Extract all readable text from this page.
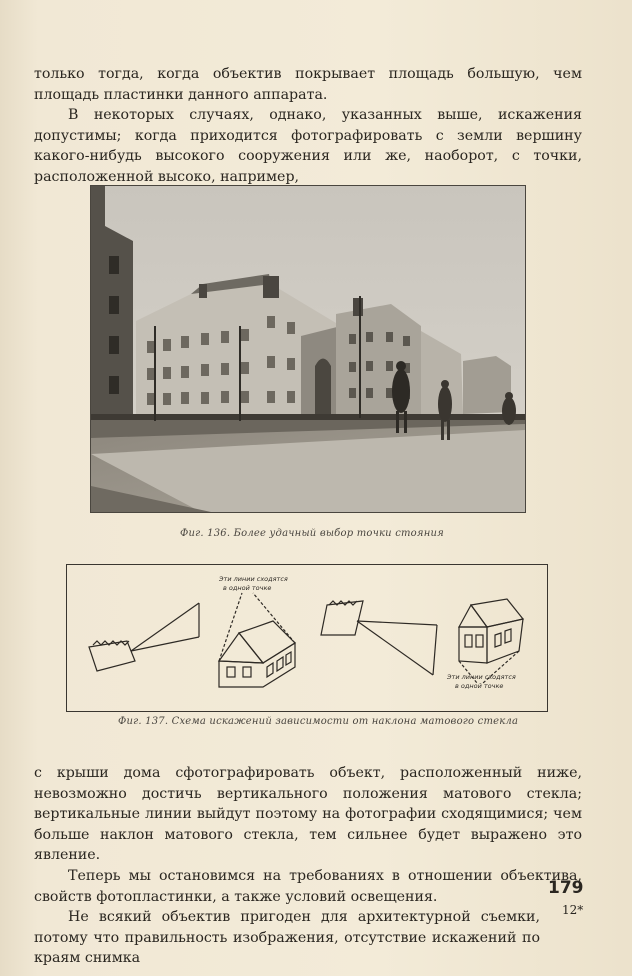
только тогда, когда объектив покрывает площадь большую, чем площадь пластинки данного аппарата.

В некоторых случаях, однако, указанных выше, искажения допустимы; когда приходится фотографировать с земли вершину какого-нибудь высокого сооружения или же, наоборот, с точки, расположенной высоко, например,

Фиг. 136. Более удачный выбор точки стояния
Эти линии сходятся
в одной точке
Эти линии сходятся
в одной точке
Фиг. 137. Схема искажений зависимости от наклона матового стекла

с крыши дома сфотографировать объект, расположенный ниже, невозможно достичь вертикального положения матового стекла; вертикальные линии выйдут поэтому на фотографии сходящимися; чем больше наклон матового стекла, тем сильнее будет выражено это явление.

Теперь мы остановимся на требованиях в отношении объектива, свойств фотопластинки, а также условий освещения.

Не всякий объектив пригоден для архитектурной съемки, потому что правильность изображения, отсутствие искажений по краям снимка

179
12*
